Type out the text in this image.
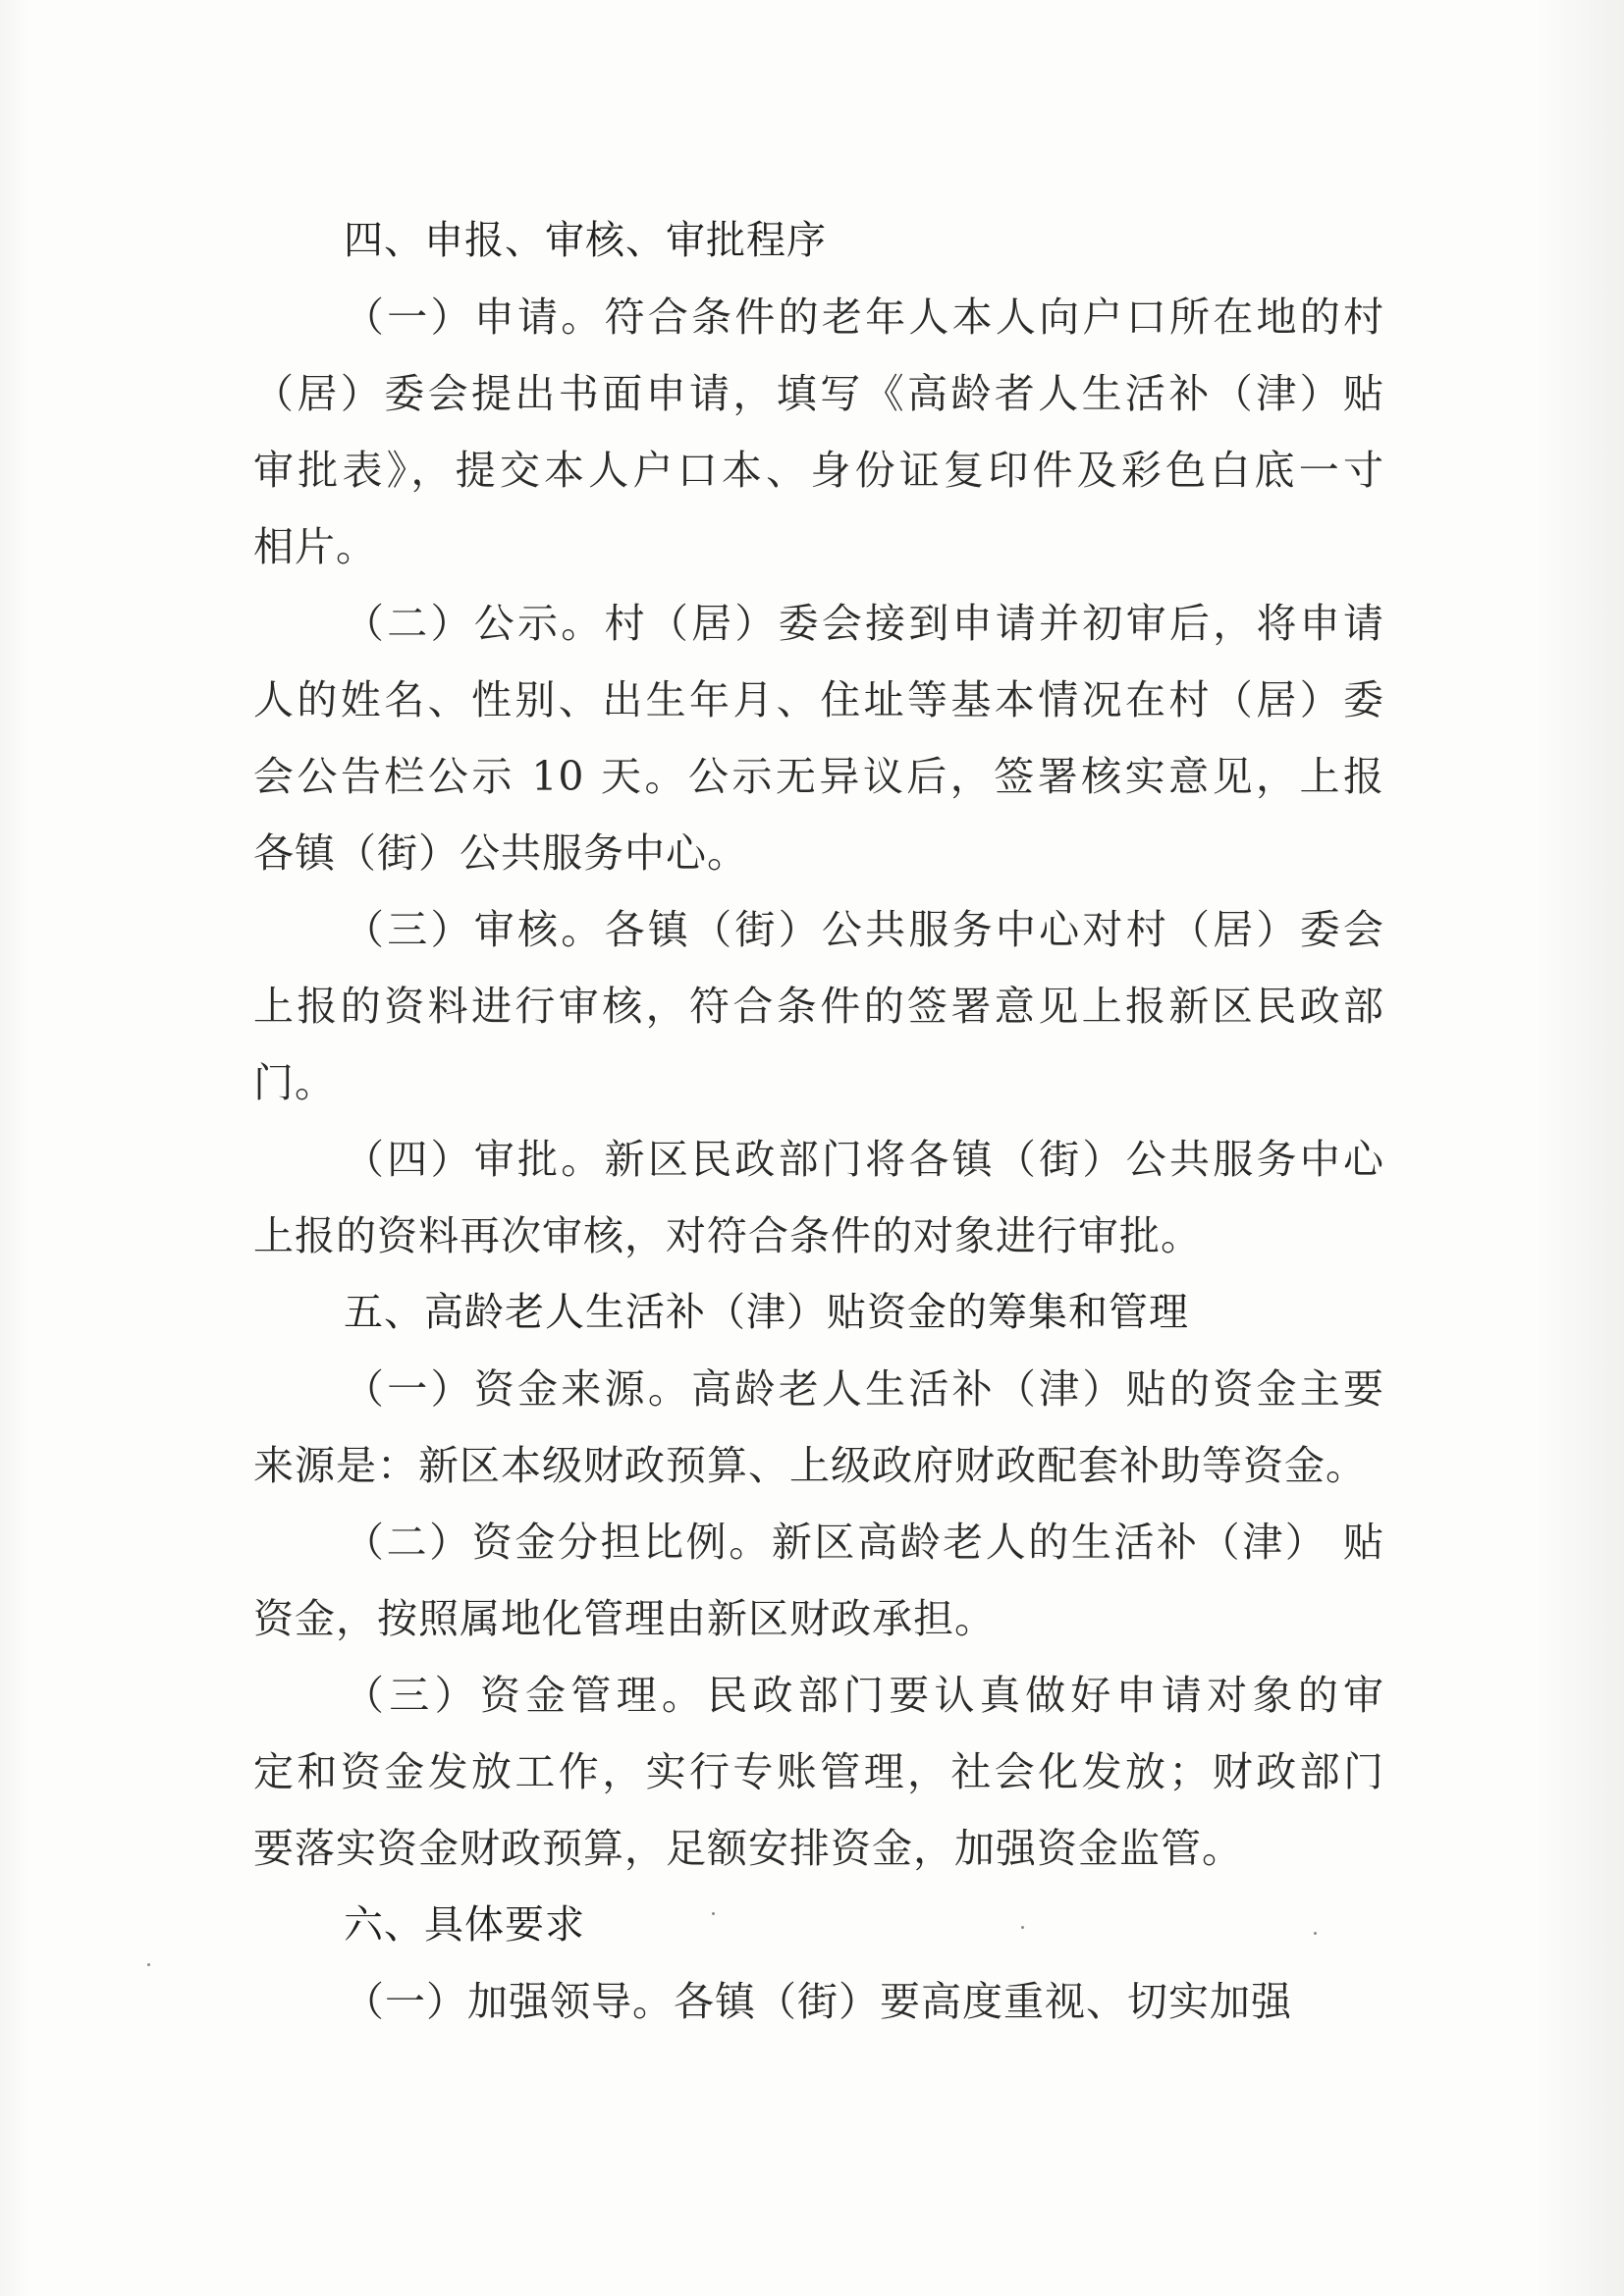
四、申报、审核、审批程序
（一）申请。符合条件的老年人本人向户口所在地的村
（居）委会提出书面申请，填写《高龄者人生活补（津）贴
审批表》，提交本人户口本、身份证复印件及彩色白底一寸
相片。
（二）公示。村（居）委会接到申请并初审后，将申请
人的姓名、性别、出生年月、住址等基本情况在村（居）委
会公告栏公示 10 天。公示无异议后，签署核实意见，上报
各镇（街）公共服务中心。
（三）审核。各镇（街）公共服务中心对村（居）委会
上报的资料进行审核，符合条件的签署意见上报新区民政部
门。
（四）审批。新区民政部门将各镇（街）公共服务中心
上报的资料再次审核，对符合条件的对象进行审批。
五、高龄老人生活补（津）贴资金的筹集和管理
（一）资金来源。高龄老人生活补（津）贴的资金主要
来源是：新区本级财政预算、上级政府财政配套补助等资金。
（二）资金分担比例。新区高龄老人的生活补（津） 贴
资金，按照属地化管理由新区财政承担。
（三）资金管理。民政部门要认真做好申请对象的审
定和资金发放工作，实行专账管理，社会化发放；财政部门
要落实资金财政预算，足额安排资金，加强资金监管。
六、具体要求
（一）加强领导。各镇（街）要高度重视、切实加强
